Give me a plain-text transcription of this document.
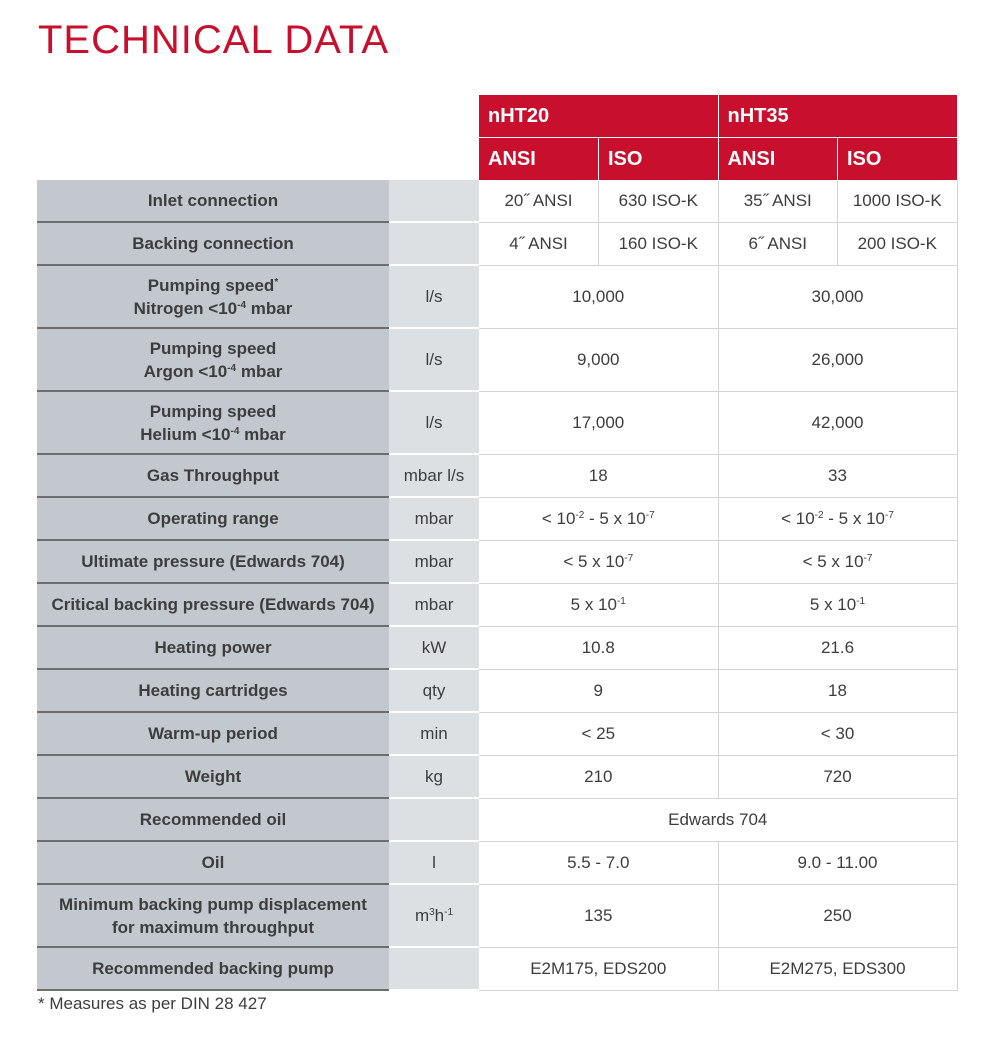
TECHNICAL DATA
		nHT20		nHT35	
		ANSI	ISO	ANSI	ISO
Inlet connection		20˝ ANSI	630 ISO-K	35˝ ANSI	1000 ISO-K
Backing connection		4˝ ANSI	160 ISO-K	6˝ ANSI	200 ISO-K
Pumping speed*
Nitrogen $<10^{-4}$ mbar	l/s	10,000		30,000	
Pumping speed
Argon $<10^{-4}$ mbar	l/s	9,000		26,000	
Pumping speed
Helium $<10^{-4}$ mbar	l/s	17,000		42,000	
Gas Throughput	mbar l/s	18		33	
Operating range	mbar	< $10^{-2} - 5$ x $10^{-7}$		< $10^{-2} - 5$ x $10^{-7}$
Ultimate pressure (Edwards 704)	mbar	< 5 x $10^{-7}$		< 5 x $10^{-7}$
Critical backing pressure (Edwards 704)	mbar	5 x $10^{-1}$		5 x $10^{-1}$
Heating power	kW	10.8		21.6	
Heating cartridges	qty	9		18	
Warm-up period	min	< 25		< 30	
Weight	kg	210		720	
Recommended oil		Edwards 704			
Oil	l	5.5 - 7.0		9.0 - 11.00	
Minimum backing pump displacement
for maximum throughput	$m^3h^{-1}$	135		250	
Recommended backing pump		E2M175, EDS200		E2M275, EDS300	
* Measures as per DIN 28 427
